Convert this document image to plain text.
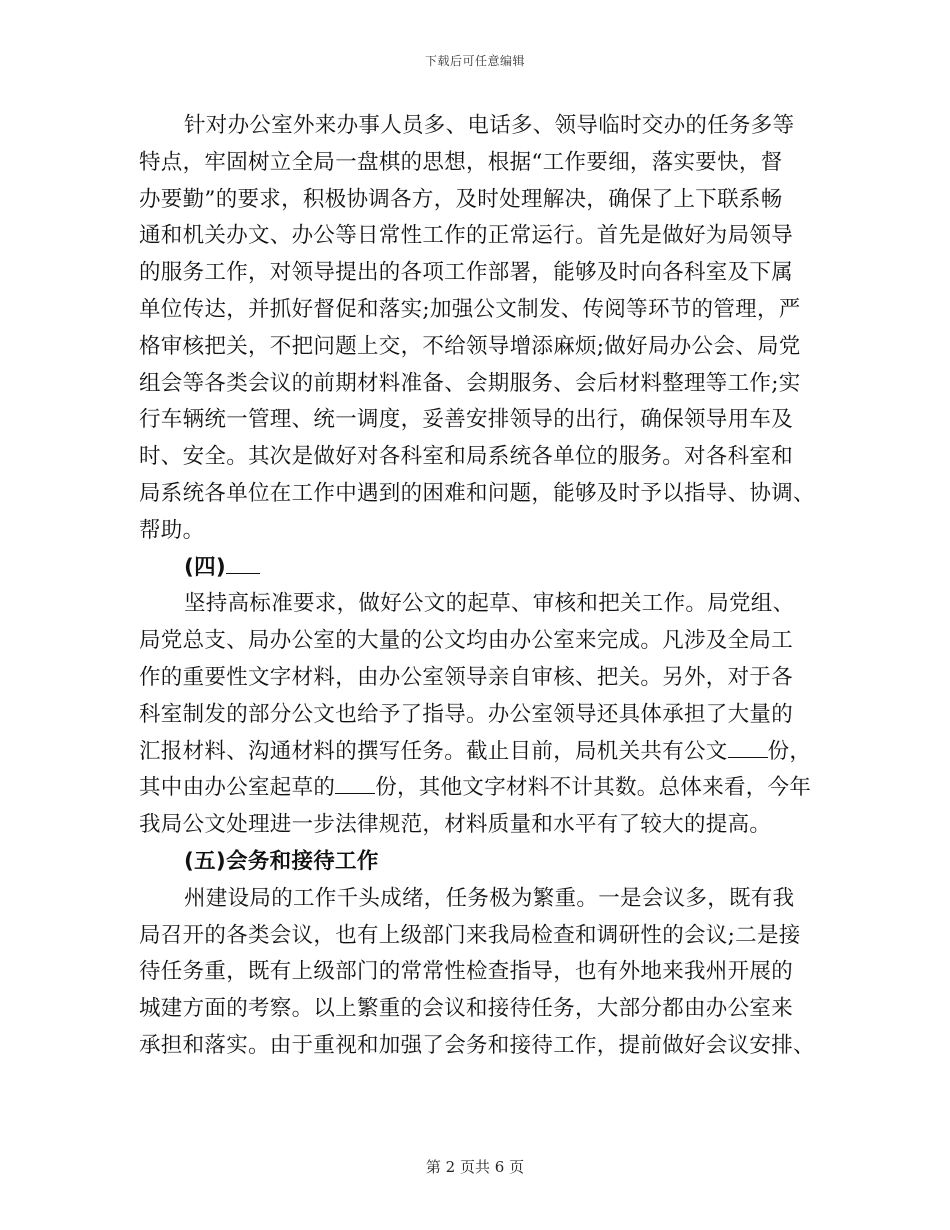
下载后可任意编辑
针对办公室外来办事人员多、电话多、领导临时交办的任务多等
特点，牢固树立全局一盘棋的思想，根据“工作要细，落实要快，督
办要勤”的要求，积极协调各方，及时处理解决，确保了上下联系畅
通和机关办文、办公等日常性工作的正常运行。首先是做好为局领导
的服务工作，对领导提出的各项工作部署，能够及时向各科室及下属
单位传达，并抓好督促和落实;加强公文制发、传阅等环节的管理，严
格审核把关，不把问题上交，不给领导增添麻烦;做好局办公会、局党
组会等各类会议的前期材料准备、会期服务、会后材料整理等工作;实
行车辆统一管理、统一调度，妥善安排领导的出行，确保领导用车及
时、安全。其次是做好对各科室和局系统各单位的服务。对各科室和
局系统各单位在工作中遇到的困难和问题，能够及时予以指导、协调、
帮助。
(四)
坚持高标准要求，做好公文的起草、审核和把关工作。局党组、
局党总支、局办公室的大量的公文均由办公室来完成。凡涉及全局工
作的重要性文字材料，由办公室领导亲自审核、把关。另外，对于各
科室制发的部分公文也给予了指导。办公室领导还具体承担了大量的
汇报材料、沟通材料的撰写任务。截止目前，局机关共有公文 份，
其中由办公室起草的 份，其他文字材料不计其数。总体来看，今年
我局公文处理进一步法律规范，材料质量和水平有了较大的提高。
(五)会务和接待工作
州建设局的工作千头成绪，任务极为繁重。一是会议多，既有我
局召开的各类会议，也有上级部门来我局检查和调研性的会议;二是接
待任务重，既有上级部门的常常性检查指导，也有外地来我州开展的
城建方面的考察。以上繁重的会议和接待任务，大部分都由办公室来
承担和落实。由于重视和加强了会务和接待工作，提前做好会议安排、
第 2 页共 6 页
